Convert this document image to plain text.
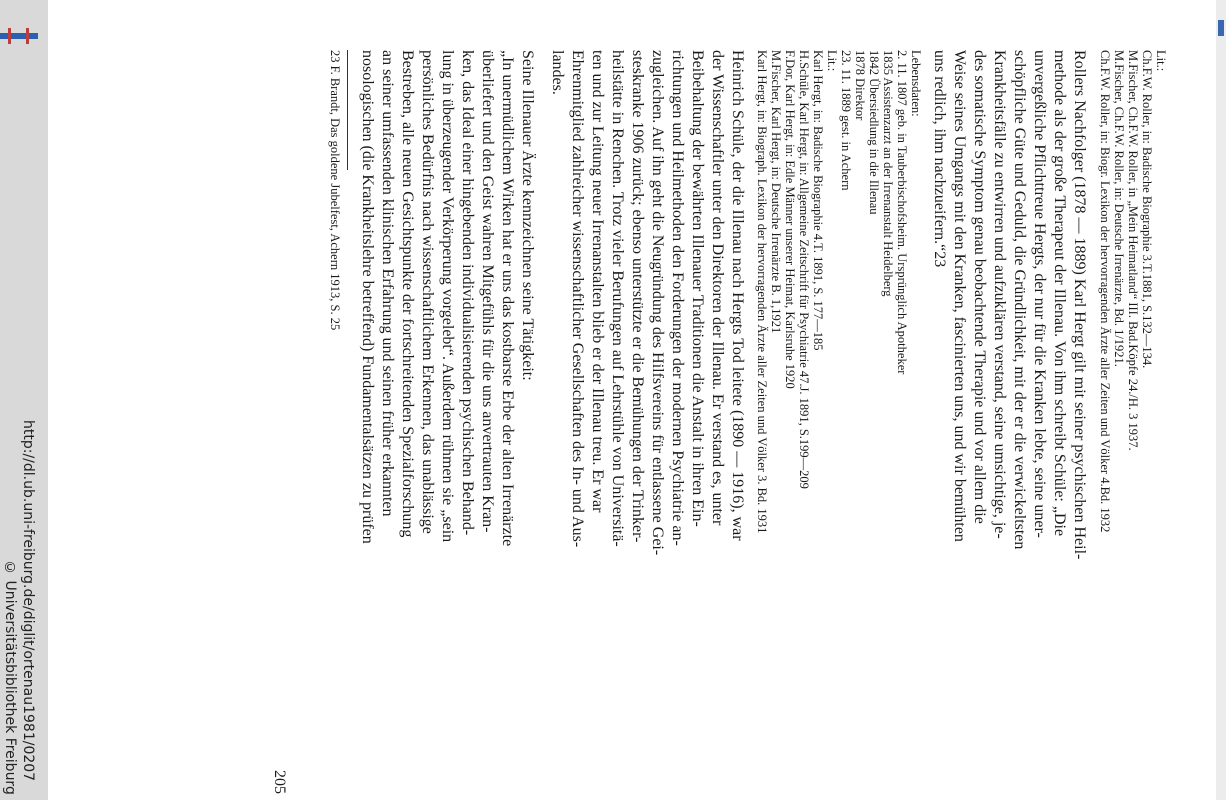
http://dl.ub.uni-freiburg.de/diglit/ortenau1981/0207
© Universitätsbibliothek Freiburg
Lit.:
Ch.F.W. Roller, in: Badische Biographie 3.T.1881, S.132—134.
M.Fischer, Ch.F.W. Roller, in „Mein Heimatland“ III. Bad.Köpfe 24./H. 3 1937.
M.Fischer, Ch.F.W. Roller, in: Deutsche Irrenärzte, Bd. 1/1921.
Ch.F.W. Roller, in: Biogr. Lexikon der hervorragenden Ärzte aller Zeiten und Völker 4.Bd. 1932
Rollers Nachfolger (1878 — 1889) Karl Hergt gilt mit seiner psychischen Heil-
methode als der große Therapeut der Illenau. Von ihm schreibt Schüle: „Die
unvergeßliche Pflichttreue Hergts, der nur für die Kranken lebte, seine uner-
schöpfliche Güte und Geduld, die Gründlichkeit, mit der er die verwickeltsten
Krankheitsfälle zu entwirren und aufzuklären verstand, seine umsichtige, je-
des somatische Symptom genau beobachtende Therapie und vor allem die
Weise seines Umgangs mit den Kranken, fascinierten uns, und wir bemühten
uns redlich, ihm nachzueifern.“23
Lebensdaten:
2. 11. 1807 geb. in Tauberbischofsheim. Ursprünglich Apotheker
1835 Assistenzarzt an der Irrenanstalt Heidelberg
1842 Übersiedlung in die Illenau
1878 Direktor
23. 11. 1889 gest. in Achern
Lit.:
Karl Hergt, in: Badische Biographie 4.T. 1891, S. 177—185
H.Schüle, Karl Hergt, in: Allgemeine Zeitschrift für Psychiatrie 47.J. 1891, S.199—209
F.Dor, Karl Hergt, in: Edle Männer unserer Heimat, Karlsruhe 1920
M.Fischer, Karl Hergt, in: Deutsche Irrenärzte B. 1,1921
Karl Hergt, in: Biograph. Lexikon der hervorragenden Ärzte aller Zeiten und Völker 3. Bd. 1931
Heinrich Schüle, der die Illenau nach Hergts Tod leitete (1890 — 1916), war
der Wissenschaftler unter den Direktoren der Illenau. Er verstand es, unter
Beibehaltung der bewährten Illenauer Traditionen die Anstalt in ihren Ein-
richtungen und Heilmethoden den Forderungen der modernen Psychiatrie an-
zugleichen. Auf ihn geht die Neugründung des Hilfsvereins für entlassene Gei-
steskranke 1906 zurück; ebenso unterstützte er die Bemühungen der Trinker-
heilstätte in Renchen. Trotz vieler Berufungen auf Lehrstühle von Universitä-
ten und zur Leitung neuer Irrenanstalten blieb er der Illenau treu. Er war
Ehrenmitglied zahlreicher wissenschaftlicher Gesellschaften des In- und Aus-
landes.
Seine Illenauer Ärzte kennzeichnen seine Tätigkeit:
„In unermüdlichem Wirken hat er uns das kostbarste Erbe der alten Irrenärzte
überliefert und den Geist wahren Mitgefühls für die uns anvertrauten Kran-
ken, das Ideal einer hingebenden individualisierenden psychischen Behand-
lung in überzeugender Verkörperung vorgelebt“. Außerdem rühmen sie „sein
persönliches Bedürfnis nach wissenschaftlichem Erkennen, das unablässige
Bestreben, alle neuen Gesichtspunkte der fortschreitenden Spezialforschung
an seiner umfassenden klinischen Erfahrung und seinen früher erkannten
nosologischen (die Krankheitslehre betreffend) Fundamentalsätzen zu prüfen
23 F. Brandt, Das goldene Jubelfest, Achern 1913, S. 25
205
